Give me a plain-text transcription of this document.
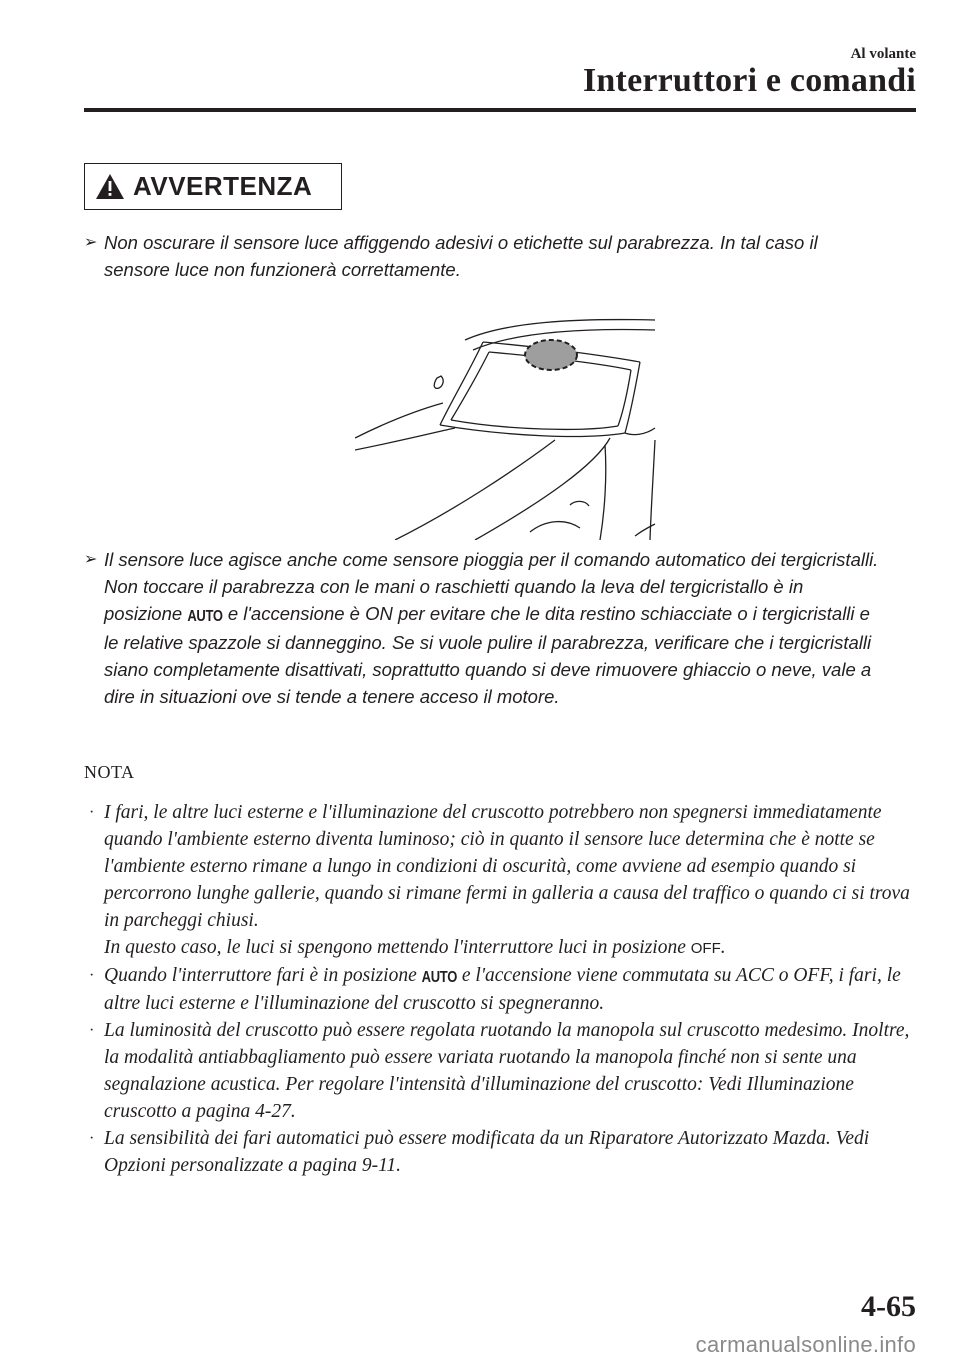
Al volante
Interruttori e comandi
AVVERTENZA
➢ Non oscurare il sensore luce affiggendo adesivi o etichette sul parabrezza. In tal caso il sensore luce non funzionerà correttamente.
➢ Il sensore luce agisce anche come sensore pioggia per il comando automatico dei tergicristalli. Non toccare il parabrezza con le mani o raschietti quando la leva del tergicristallo è in posizione AUTO e l'accensione è ON per evitare che le dita restino schiacciate o i tergicristalli e le relative spazzole si danneggino. Se si vuole pulire il parabrezza, verificare che i tergicristalli siano completamente disattivati, soprattutto quando si deve rimuovere ghiaccio o neve, vale a dire in situazioni ove si tende a tenere acceso il motore.
NOTA
· I fari, le altre luci esterne e l'illuminazione del cruscotto potrebbero non spegnersi immediatamente quando l'ambiente esterno diventa luminoso; ciò in quanto il sensore luce determina che è notte se l'ambiente esterno rimane a lungo in condizioni di oscurità, come avviene ad esempio quando si percorrono lunghe gallerie, quando si rimane fermi in galleria a causa del traffico o quando ci si trova in parcheggi chiusi.
In questo caso, le luci si spengono mettendo l'interruttore luci in posizione OFF.
· Quando l'interruttore fari è in posizione AUTO e l'accensione viene commutata su ACC o OFF, i fari, le altre luci esterne e l'illuminazione del cruscotto si spegneranno.
· La luminosità del cruscotto può essere regolata ruotando la manopola sul cruscotto medesimo. Inoltre, la modalità antiabbagliamento può essere variata ruotando la manopola finché non si sente una segnalazione acustica. Per regolare l'intensità d'illuminazione del cruscotto: Vedi Illuminazione cruscotto a pagina 4-27.
· La sensibilità dei fari automatici può essere modificata da un Riparatore Autorizzato Mazda. Vedi Opzioni personalizzate a pagina 9-11.
4-65
carmanualsonline.info
